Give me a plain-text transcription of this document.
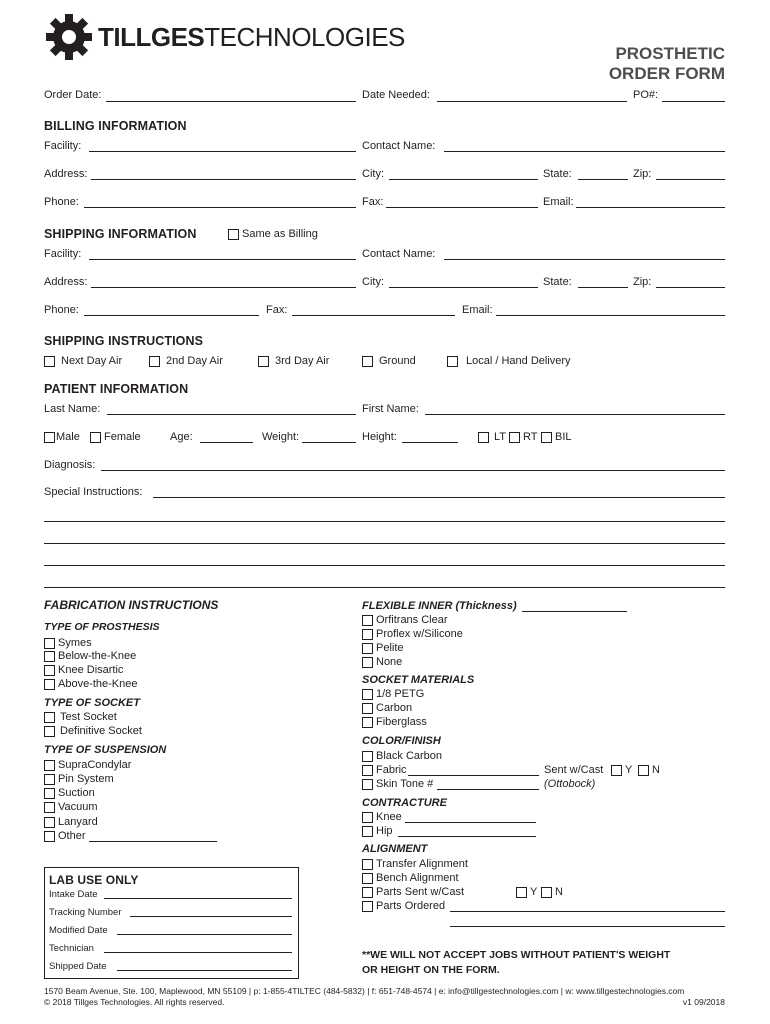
TILLGESTECHNOLOGIES
PROSTHETIC
ORDER FORM
Order Date:	Date Needed:	PO#:
BILLING INFORMATION
Facility:	Contact Name:
Address:	City:	State:	Zip:
Phone:	Fax:	Email:
SHIPPING INFORMATION	Same as Billing
Facility:	Contact Name:
Address:	City:	State:	Zip:
Phone:	Fax:	Email:
SHIPPING INSTRUCTIONS
Next Day Air	2nd Day Air	3rd Day Air	Ground	Local / Hand Delivery
PATIENT INFORMATION
Last Name:	First Name:
Male Female	Age:	Weight:	Height:	LT RT BIL
Diagnosis:
Special Instructions:
FABRICATION INSTRUCTIONS
TYPE OF PROSTHESIS
Symes
Below-the-Knee
Knee Disartic
Above-the-Knee
TYPE OF SOCKET
Test Socket
Definitive Socket
TYPE OF SUSPENSION
SupraCondylar
Pin System
Suction
Vacuum
Lanyard
Other
LAB USE ONLY
Intake Date
Tracking Number
Modified Date
Technician
Shipped Date
FLEXIBLE INNER (Thickness)
Orfitrans Clear
Proflex w/Silicone
Pelite
None
SOCKET MATERIALS
1/8 PETG
Carbon
Fiberglass
COLOR/FINISH
Black Carbon
Fabric	Sent w/Cast Y N
Skin Tone #	(Ottobock)
CONTRACTURE
Knee
Hip
ALIGNMENT
Transfer Alignment
Bench Alignment
Parts Sent w/Cast	Y N
Parts Ordered
**WE WILL NOT ACCEPT JOBS WITHOUT PATIENT'S WEIGHT
OR HEIGHT ON THE FORM.
1570 Beam Avenue, Ste. 100, Maplewood, MN 55109 | p: 1-855-4TILTEC (484-5832) | f: 651-748-4574 | e: info@tillgestechnologies.com | w: www.tillgestechnologies.com
© 2018 Tillges Technologies. All rights reserved.	v1 09/2018
